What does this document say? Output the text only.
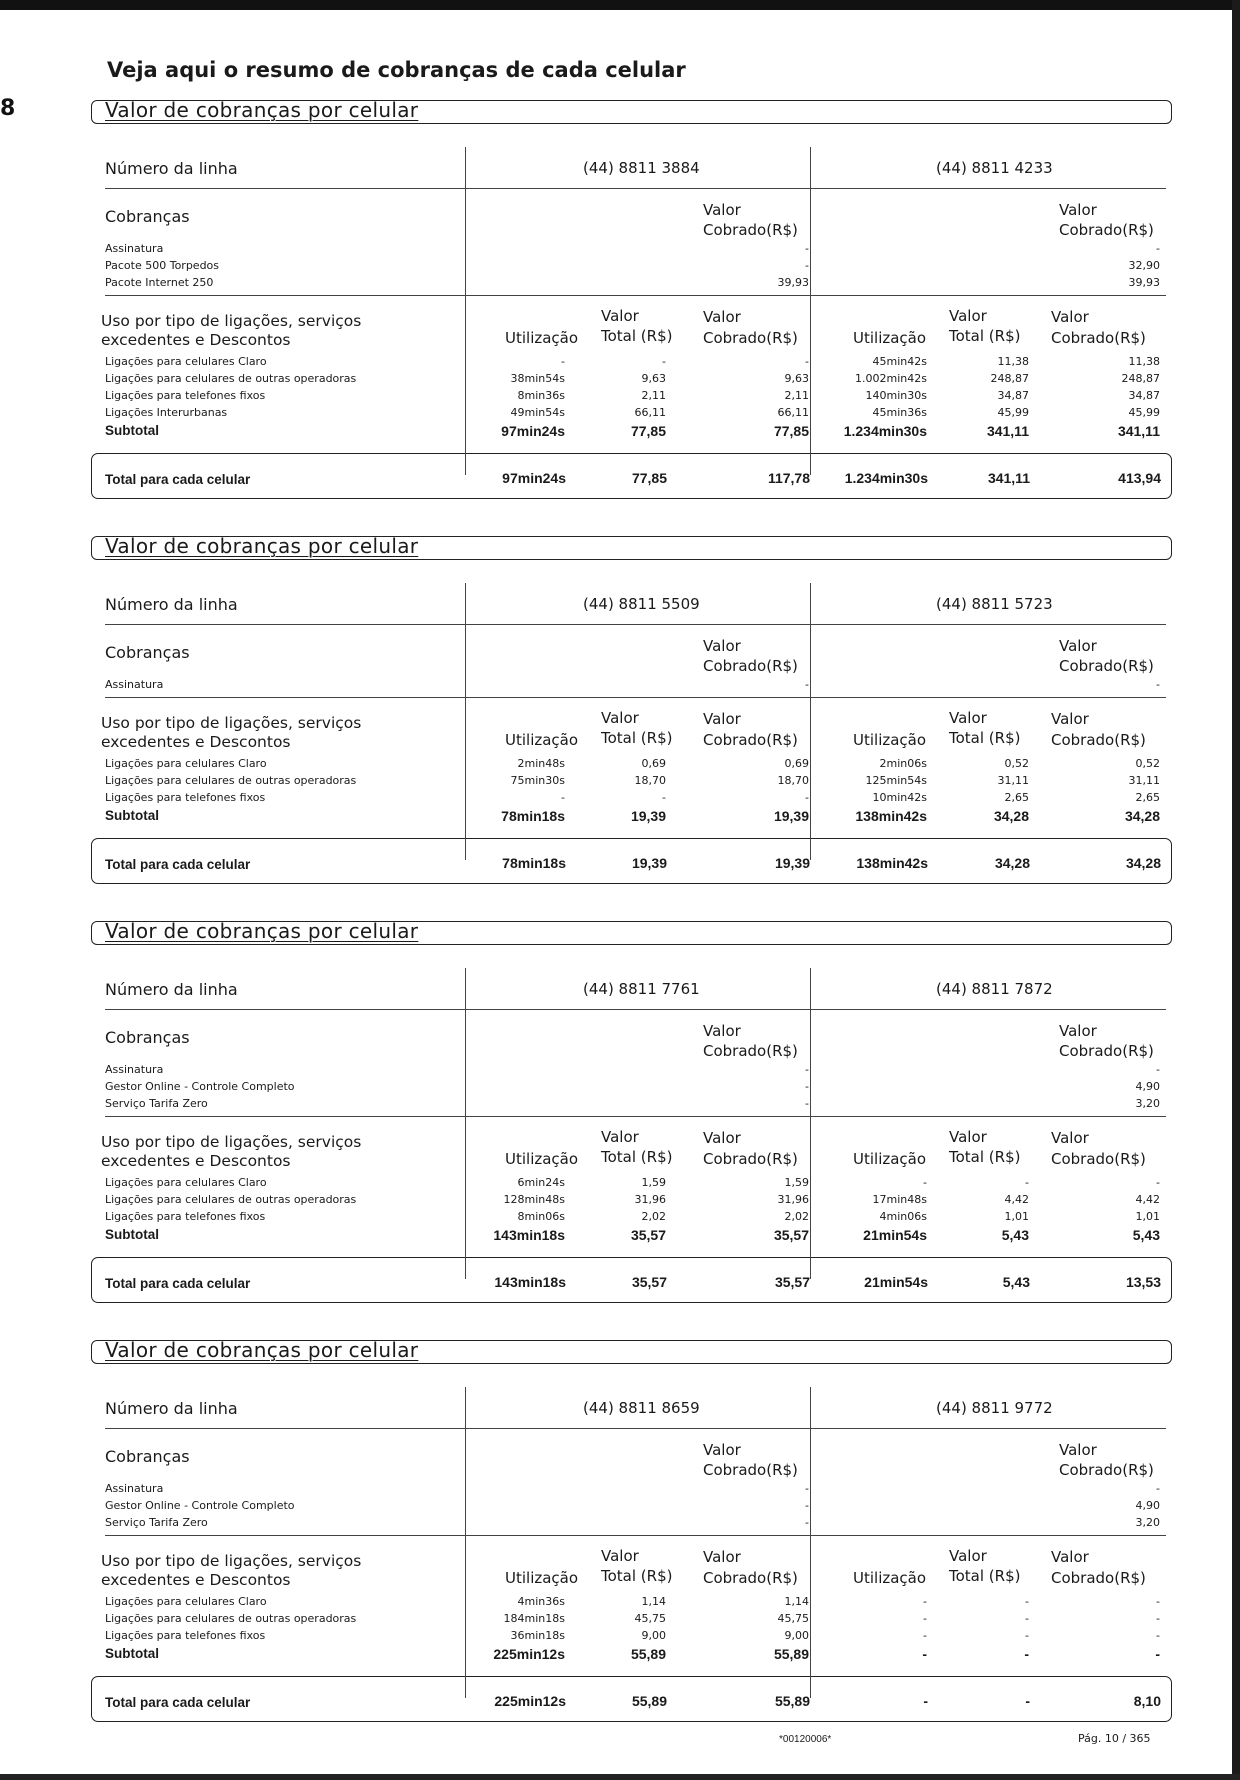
8
Veja aqui o resumo de cobranças de cada celular
Valor de cobranças por celular
Número da linha	(44) 8811 3884	(44) 8811 4233
Cobranças	Valor
Cobrado(R$)
Valor
Cobrado(R$)
Assinatura	-	-
Pacote 500 Torpedos	-	32,90
Pacote Internet 250	39,93	39,93
Uso por tipo de ligações, serviços
excedentes e Descontos	Utilização
Valor
Total (R$)
Valor
Cobrado(R$)	Utilização
Valor
Total (R$)
Valor
Cobrado(R$)
Ligações para celulares Claro	-	-	-	45min42s	11,38	11,38
Ligações para celulares de outras operadoras	38min54s	9,63	9,63	1.002min42s	248,87	248,87
Ligações para telefones fixos	8min36s	2,11	2,11	140min30s	34,87	34,87
Ligações Interurbanas	49min54s	66,11	66,11	45min36s	45,99	45,99
Subtotal	97min24s	77,85	77,85	1.234min30s	341,11	341,11
Total para cada celular	97min24s	77,85	117,78	1.234min30s	341,11	413,94
Valor de cobranças por celular
Número da linha	(44) 8811 5509	(44) 8811 5723
Cobranças	Valor
Cobrado(R$)
Valor
Cobrado(R$)
Assinatura	-	-
Uso por tipo de ligações, serviços
excedentes e Descontos	Utilização
Valor
Total (R$)
Valor
Cobrado(R$)	Utilização
Valor
Total (R$)
Valor
Cobrado(R$)
Ligações para celulares Claro	2min48s	0,69	0,69	2min06s	0,52	0,52
Ligações para celulares de outras operadoras	75min30s	18,70	18,70	125min54s	31,11	31,11
Ligações para telefones fixos	-	-	-	10min42s	2,65	2,65
Subtotal	78min18s	19,39	19,39	138min42s	34,28	34,28
Total para cada celular	78min18s	19,39	19,39	138min42s	34,28	34,28
Valor de cobranças por celular
Número da linha	(44) 8811 7761	(44) 8811 7872
Cobranças	Valor
Cobrado(R$)
Valor
Cobrado(R$)
Assinatura	-	-
Gestor Online - Controle Completo	-	4,90
Serviço Tarifa Zero	-	3,20
Uso por tipo de ligações, serviços
excedentes e Descontos	Utilização
Valor
Total (R$)
Valor
Cobrado(R$)	Utilização
Valor
Total (R$)
Valor
Cobrado(R$)
Ligações para celulares Claro	6min24s	1,59	1,59	-	-	-
Ligações para celulares de outras operadoras	128min48s	31,96	31,96	17min48s	4,42	4,42
Ligações para telefones fixos	8min06s	2,02	2,02	4min06s	1,01	1,01
Subtotal	143min18s	35,57	35,57	21min54s	5,43	5,43
Total para cada celular	143min18s	35,57	35,57	21min54s	5,43	13,53
Valor de cobranças por celular
Número da linha	(44) 8811 8659	(44) 8811 9772
Cobranças	Valor
Cobrado(R$)
Valor
Cobrado(R$)
Assinatura	-	-
Gestor Online - Controle Completo	-	4,90
Serviço Tarifa Zero	-	3,20
Uso por tipo de ligações, serviços
excedentes e Descontos	Utilização
Valor
Total (R$)
Valor
Cobrado(R$)	Utilização
Valor
Total (R$)
Valor
Cobrado(R$)
Ligações para celulares Claro	4min36s	1,14	1,14	-	-	-
Ligações para celulares de outras operadoras	184min18s	45,75	45,75	-	-	-
Ligações para telefones fixos	36min18s	9,00	9,00	-	-	-
Subtotal	225min12s	55,89	55,89	-	-	-
Total para cada celular	225min12s	55,89	55,89	-	-	8,10
*00120006*	Pág. 10 / 365
